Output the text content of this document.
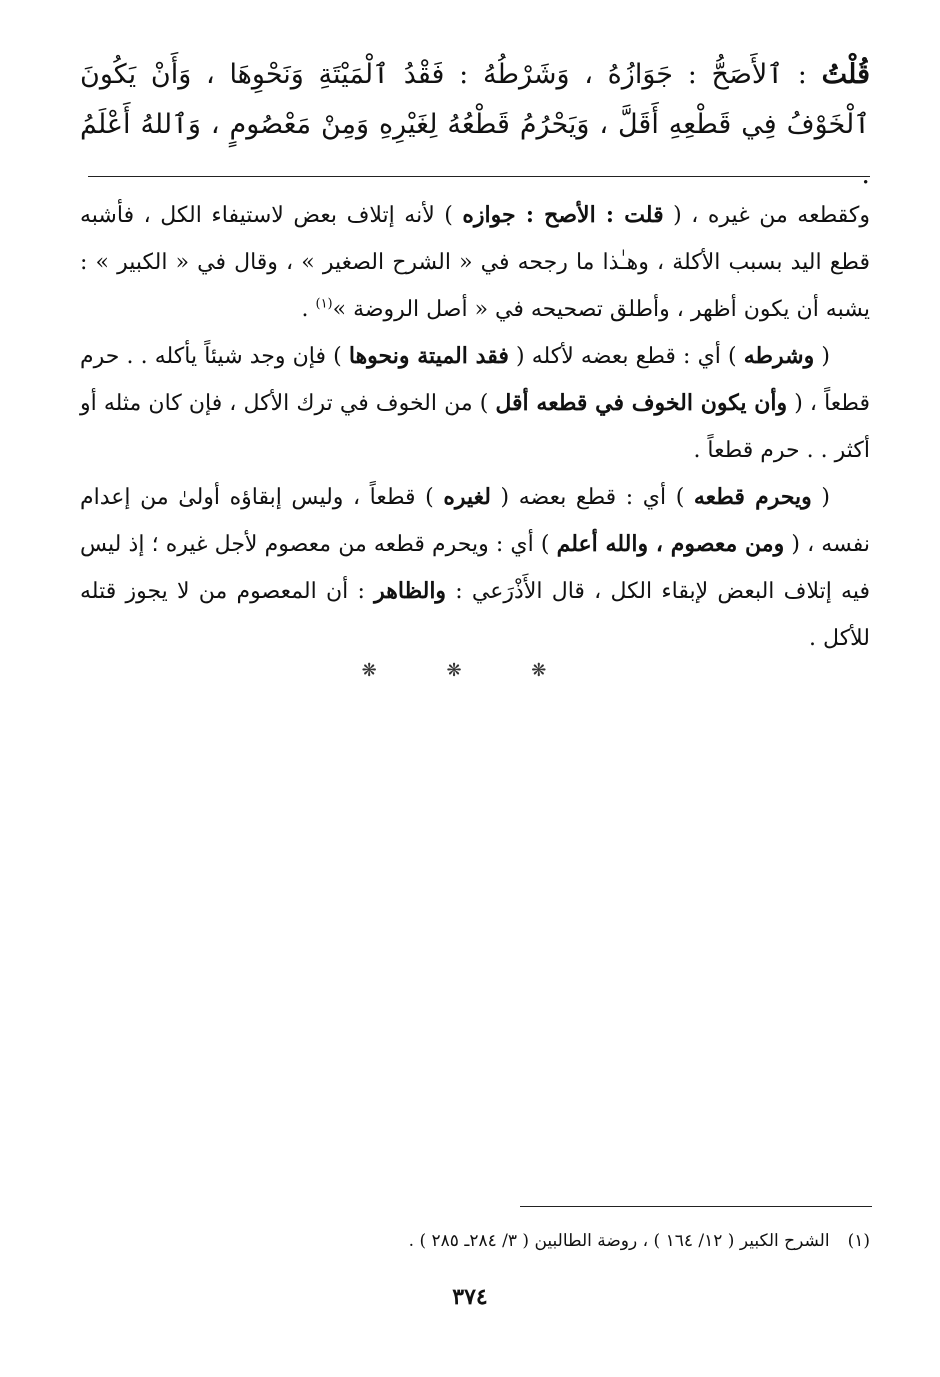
قُلْتُ : ٱلأَصَحُّ : جَوَازُهُ ، وَشَرْطُهُ : فَقْدُ ٱلْمَيْتَةِ وَنَحْوِهَا ، وَأَنْ يَكُونَ ٱلْخَوْفُ فِي قَطْعِهِ أَقَلَّ ، وَيَحْرُمُ قَطْعُهُ لِغَيْرِهِ وَمِنْ مَعْصُومٍ ، وَٱللهُ أَعْلَمُ .

وكقطعه من غيره ، ( قلت : الأصح : جوازه ) لأنه إتلاف بعض لاستيفاء الكل ، فأشبه قطع اليد بسبب الأكلة ، وهـٰذا ما رجحه في « الشرح الصغير » ، وقال في « الكبير » : يشبه أن يكون أظهر ، وأطلق تصحيحه في « أصل الروضة »$^{(١)}$ .

( وشرطه ) أي : قطع بعضه لأكله ( فقد الميتة ونحوها ) فإن وجد شيئاً يأكله . . حرم قطعاً ، ( وأن يكون الخوف في قطعه أقل ) من الخوف في ترك الأكل ، فإن كان مثله أو أكثر . . حرم قطعاً .

( ويحرم قطعه ) أي : قطع بعضه ( لغيره ) قطعاً ، وليس إبقاؤه أولىٰ من إعدام نفسه ، ( ومن معصوم ، والله أعلم ) أي : ويحرم قطعه من معصوم لأجل غيره ؛ إذ ليس فيه إتلاف البعض لإبقاء الكل ، قال الأَذْرَعي : والظاهر : أن المعصوم من لا يجوز قتله للأكل .

❋ ❋ ❋

(١)الشرح الكبير ( ١٢/ ١٦٤ ) ، روضة الطالبين ( ٣/ ٢٨٤ـ ٢٨٥ ) .

٣٧٤
